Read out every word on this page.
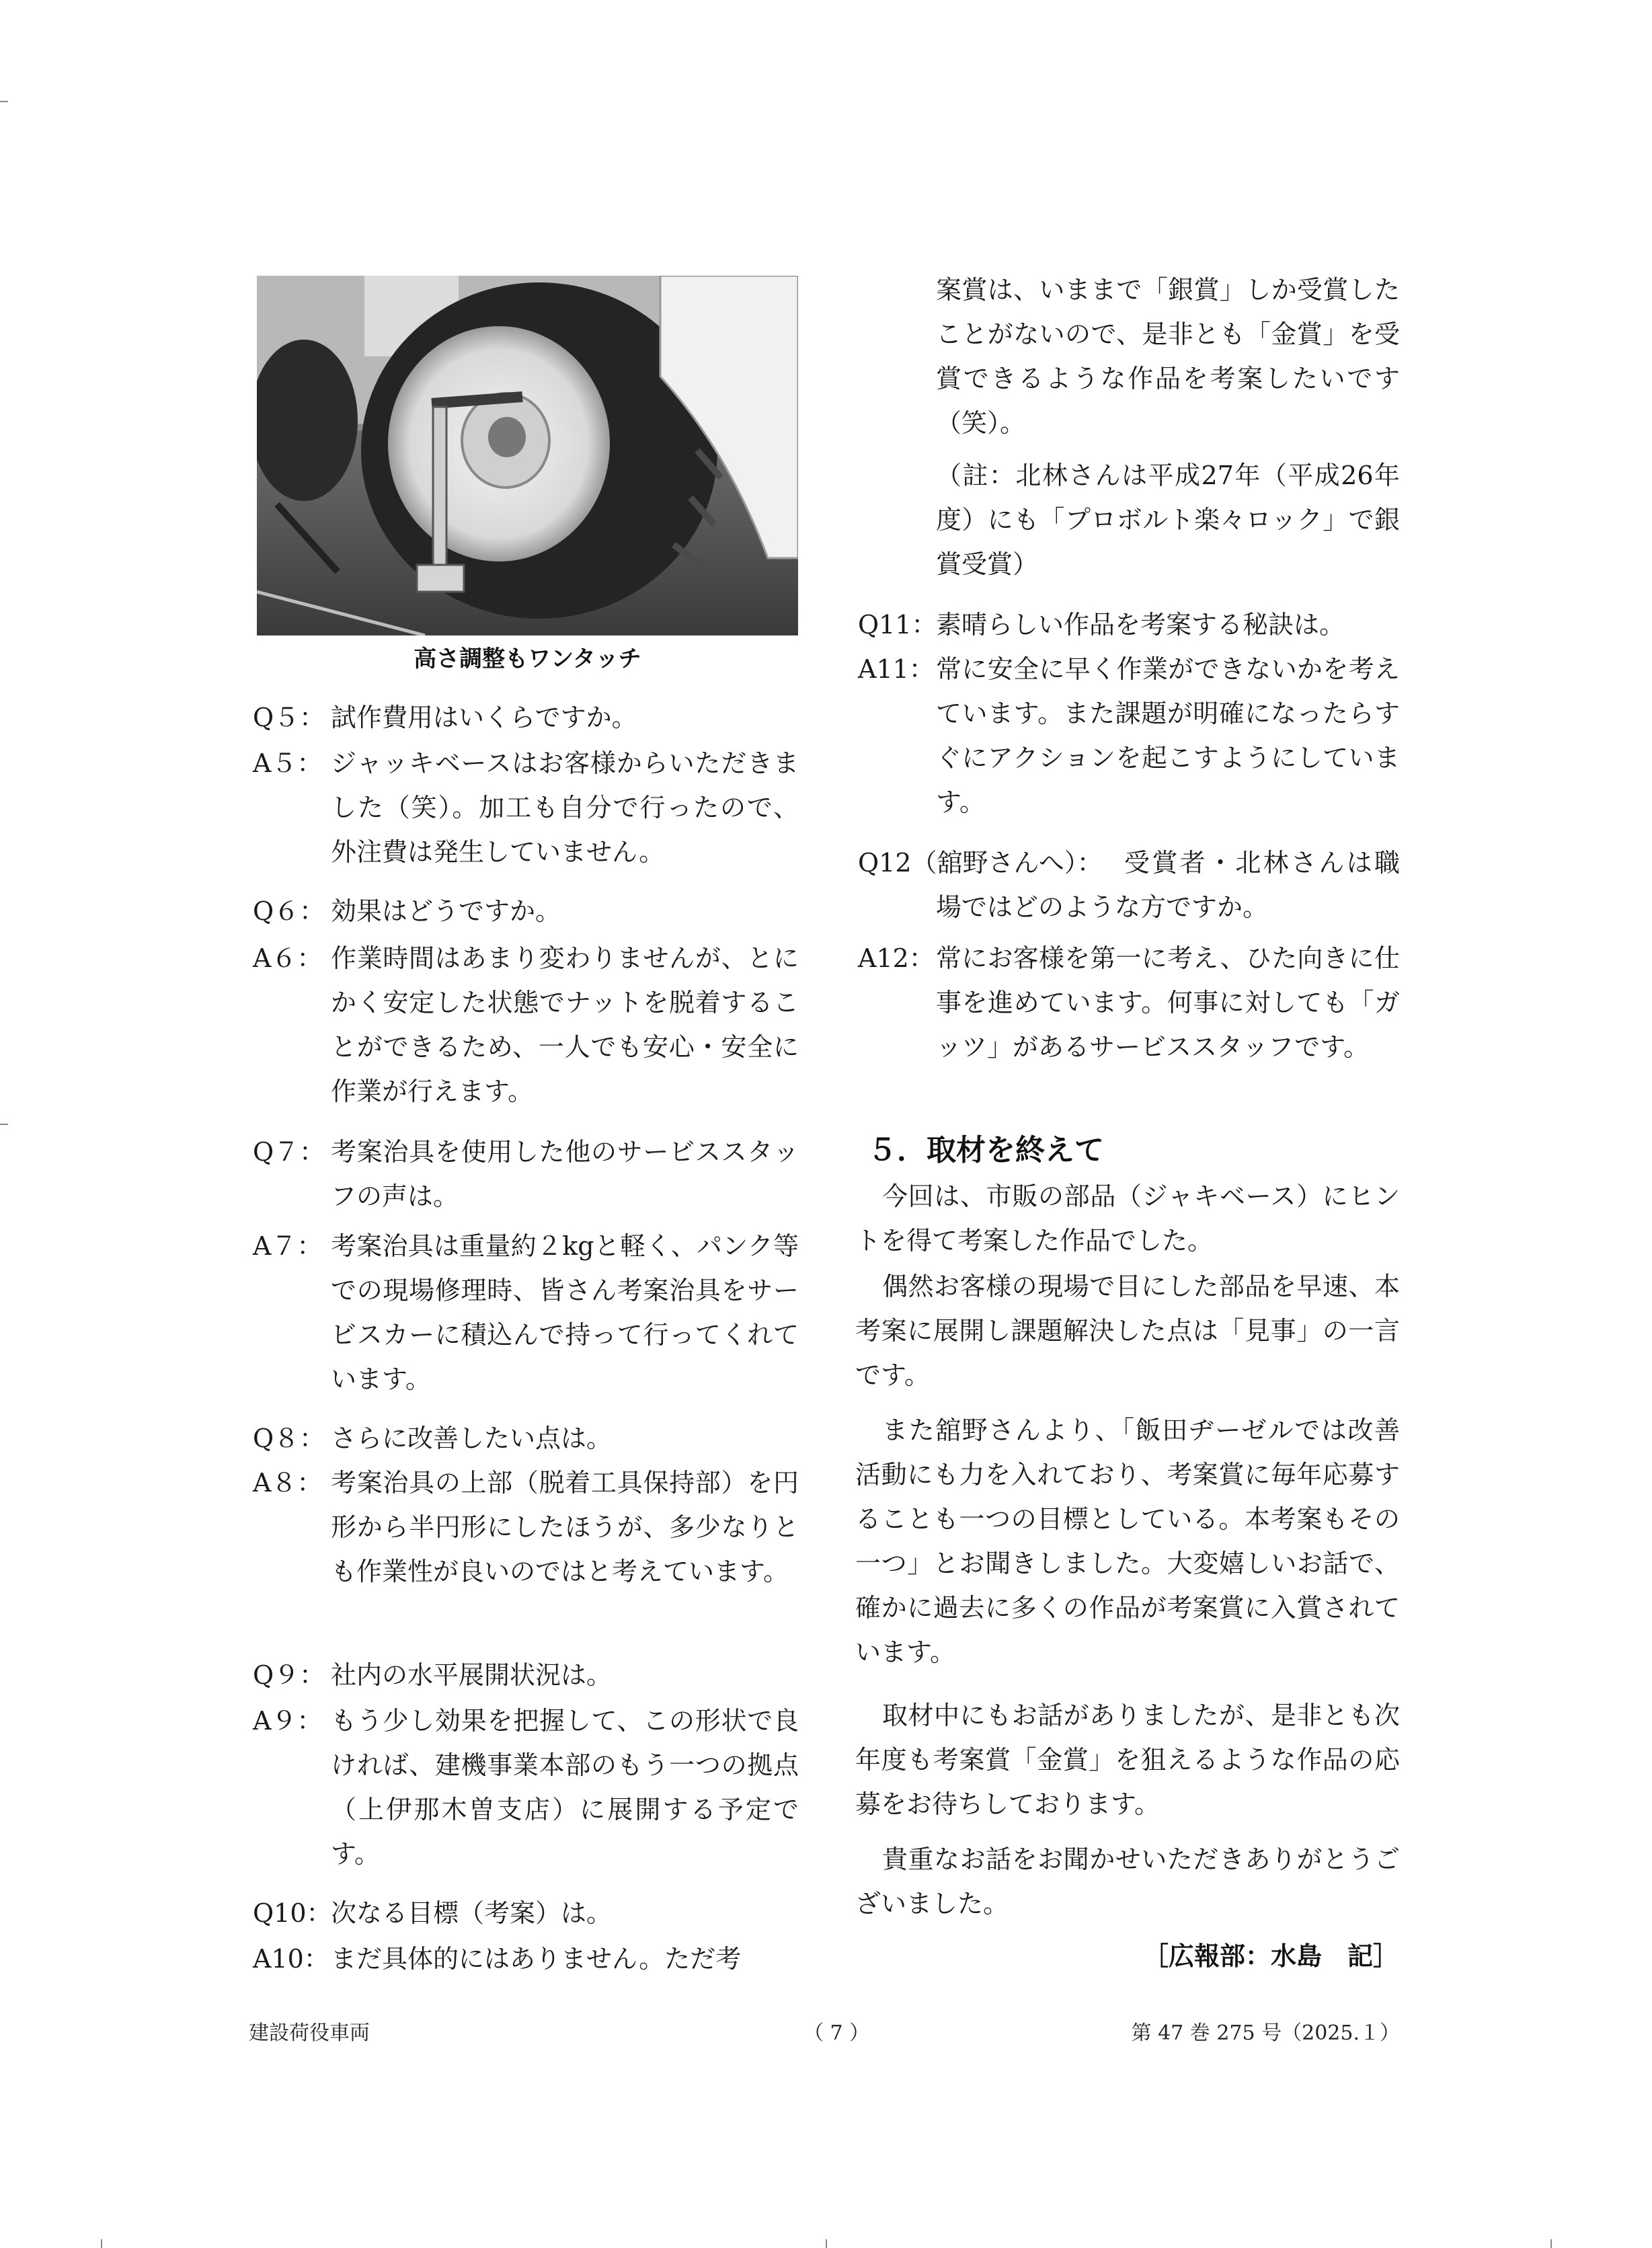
高さ調整もワンタッチ
Q５： 試作費用はいくらですか。
A５： ジャッキベースはお客様からいただきました（笑）。加工も自分で行ったので、外注費は発生していません。
Q６： 効果はどうですか。
A６： 作業時間はあまり変わりませんが、とにかく安定した状態でナットを脱着することができるため、一人でも安心・安全に作業が行えます。
Q７： 考案治具を使用した他のサービススタッフの声は。
A７： 考案治具は重量約２kgと軽く、パンク等での現場修理時、皆さん考案治具をサービスカーに積込んで持って行ってくれています。
Q８： さらに改善したい点は。
A８： 考案治具の上部（脱着工具保持部）を円形から半円形にしたほうが、多少なりとも作業性が良いのではと考えています。
Q９： 社内の水平展開状況は。
A９： もう少し効果を把握して、この形状で良ければ、建機事業本部のもう一つの拠点（上伊那木曽支店）に展開する予定です。
Q10：
次なる目標（考案）は。
A10： まだ具体的にはありません。ただ考
案賞は、いままで「銀賞」しか受賞したことがないので、是非とも「金賞」を受賞できるような作品を考案したいです（笑）。
（註：北林さんは平成27年（平成26年度）にも「プロボルト楽々ロック」で銀賞受賞）
Q11：
素晴らしい作品を考案する秘訣は。
A11： 常に安全に早く作業ができないかを考えています。また課題が明確になったらすぐにアクションを起こすようにしています。
Q12（舘野さんへ）： 受賞者・北林さんは職場ではどのような方ですか。
A12： 常にお客様を第一に考え、ひた向きに仕事を進めています。何事に対しても「ガッツ」があるサービススタッフです。
５．取材を終えて
今回は、市販の部品（ジャキベース）にヒントを得て考案した作品でした。
偶然お客様の現場で目にした部品を早速、本考案に展開し課題解決した点は「見事」の一言です。
また舘野さんより、「飯田ヂーゼルでは改善活動にも力を入れており、考案賞に毎年応募することも一つの目標としている。本考案もその一つ」とお聞きしました。大変嬉しいお話で、確かに過去に多くの作品が考案賞に入賞されています。
取材中にもお話がありましたが、是非とも次年度も考案賞「金賞」を狙えるような作品の応募をお待ちしております。
貴重なお話をお聞かせいただきありがとうございました。
［広報部：水島　記］
建設荷役車両	（ 7 ）	第 47 巻 275 号（2025.１）
